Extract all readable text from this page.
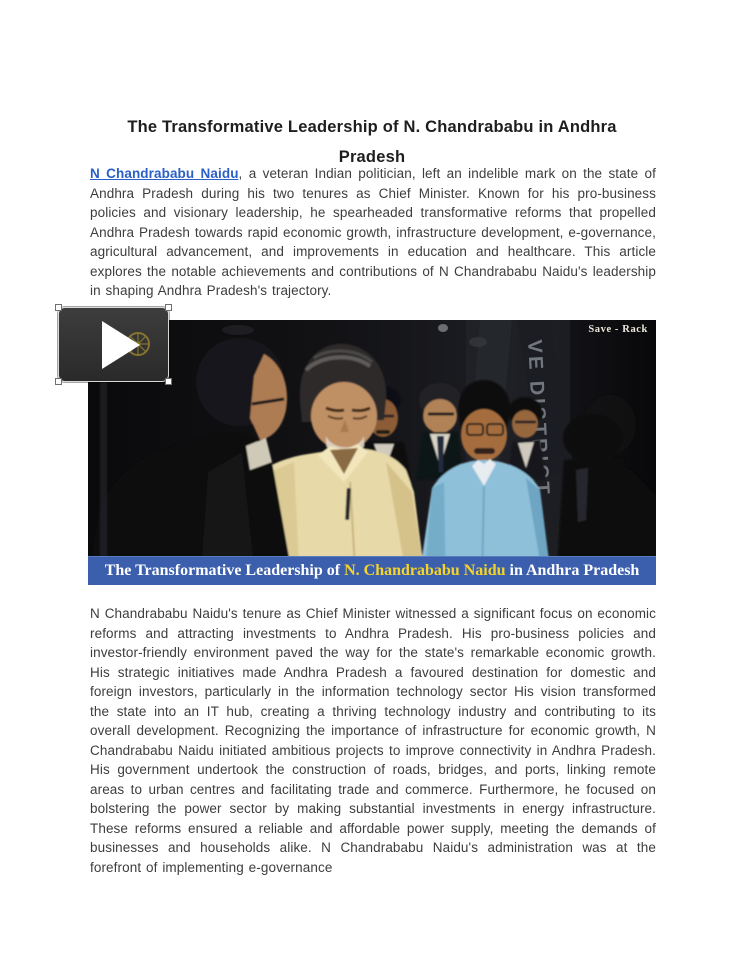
The Transformative Leadership of N. Chandrababu in Andhra
Pradesh

N Chandrababu Naidu, a veteran Indian politician, left an indelible mark on the state of Andhra Pradesh during his two tenures as Chief Minister. Known for his pro-business policies and visionary leadership, he spearheaded transformative reforms that propelled Andhra Pradesh towards rapid economic growth, infrastructure development, e-governance, agricultural advancement, and improvements in education and healthcare. This article explores the notable achievements and contributions of N Chandrababu Naidu's leadership in shaping Andhra Pradesh's trajectory.

VE DISTRICT
Save - Rack
The Transformative Leadership of N. Chandrababu Naidu in Andhra Pradesh

N Chandrababu Naidu's tenure as Chief Minister witnessed a significant focus on economic reforms and attracting investments to Andhra Pradesh. His pro-business policies and investor-friendly environment paved the way for the state's remarkable economic growth. His strategic initiatives made Andhra Pradesh a favoured destination for domestic and foreign investors, particularly in the information technology sector His vision transformed the state into an IT hub, creating a thriving technology industry and contributing to its overall development. Recognizing the importance of infrastructure for economic growth, N Chandrababu Naidu initiated ambitious projects to improve connectivity in Andhra Pradesh. His government undertook the construction of roads, bridges, and ports, linking remote areas to urban centres and facilitating trade and commerce. Furthermore, he focused on bolstering the power sector by making substantial investments in energy infrastructure. These reforms ensured a reliable and affordable power supply, meeting the demands of businesses and households alike. N Chandrababu Naidu's administration was at the forefront of implementing e-governance
